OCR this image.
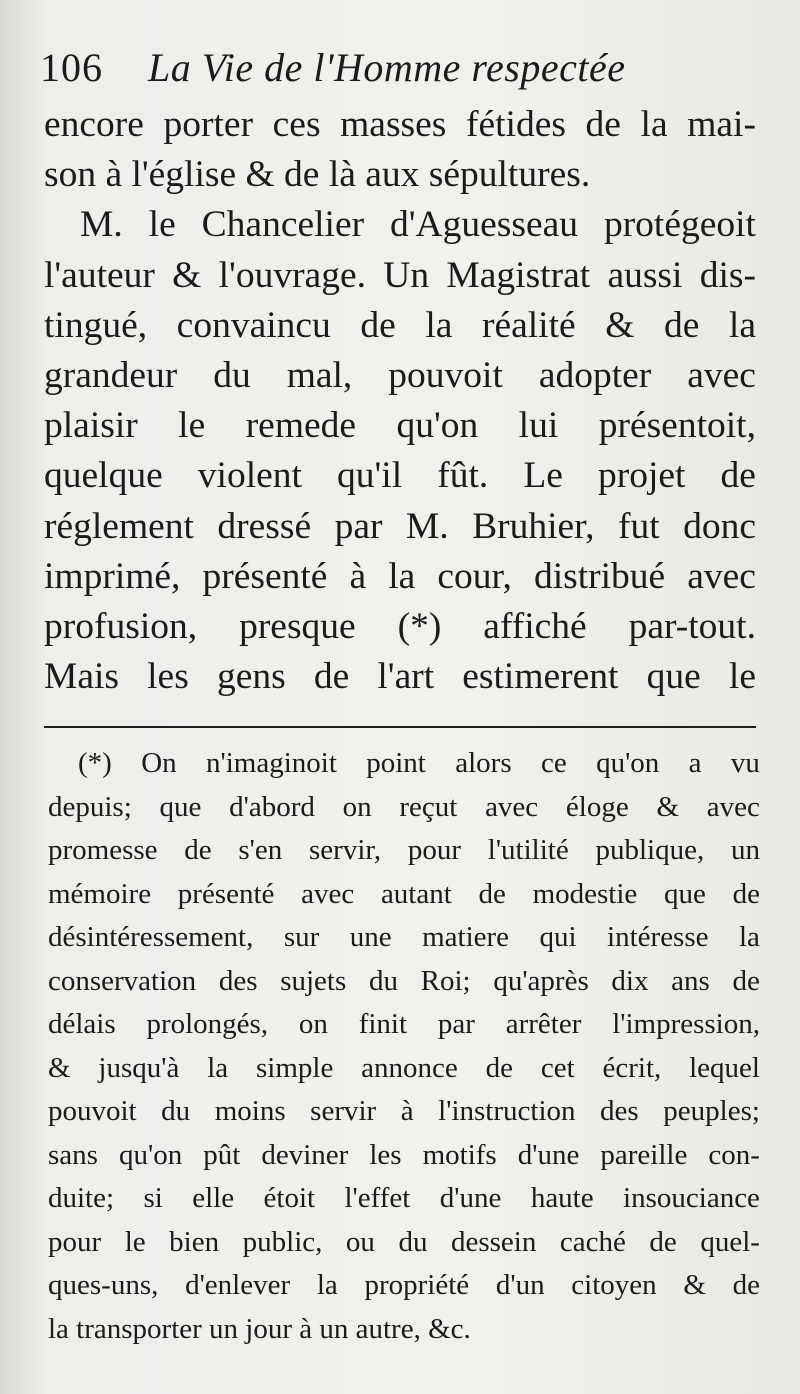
106 La Vie de l'Homme respectée
encore porter ces masses fétides de la mai-
son à l'église & de là aux sépultures.
M. le Chancelier d'Aguesseau protégeoit
l'auteur & l'ouvrage. Un Magistrat aussi dis-
tingué, convaincu de la réalité & de la
grandeur du mal, pouvoit adopter avec
plaisir le remede qu'on lui présentoit,
quelque violent qu'il fût. Le projet de
réglement dressé par M. Bruhier, fut donc
imprimé, présenté à la cour, distribué avec
profusion, presque (*) affiché par-tout.
Mais les gens de l'art estimerent que le
(*) On n'imaginoit point alors ce qu'on a vu
depuis; que d'abord on reçut avec éloge & avec
promesse de s'en servir, pour l'utilité publique, un
mémoire présenté avec autant de modestie que de
désintéressement, sur une matiere qui intéresse la
conservation des sujets du Roi; qu'après dix ans de
délais prolongés, on finit par arrêter l'impression,
& jusqu'à la simple annonce de cet écrit, lequel
pouvoit du moins servir à l'instruction des peuples;
sans qu'on pût deviner les motifs d'une pareille con-
duite; si elle étoit l'effet d'une haute insouciance
pour le bien public, ou du dessein caché de quel-
ques-uns, d'enlever la propriété d'un citoyen & de
la transporter un jour à un autre, &c.
